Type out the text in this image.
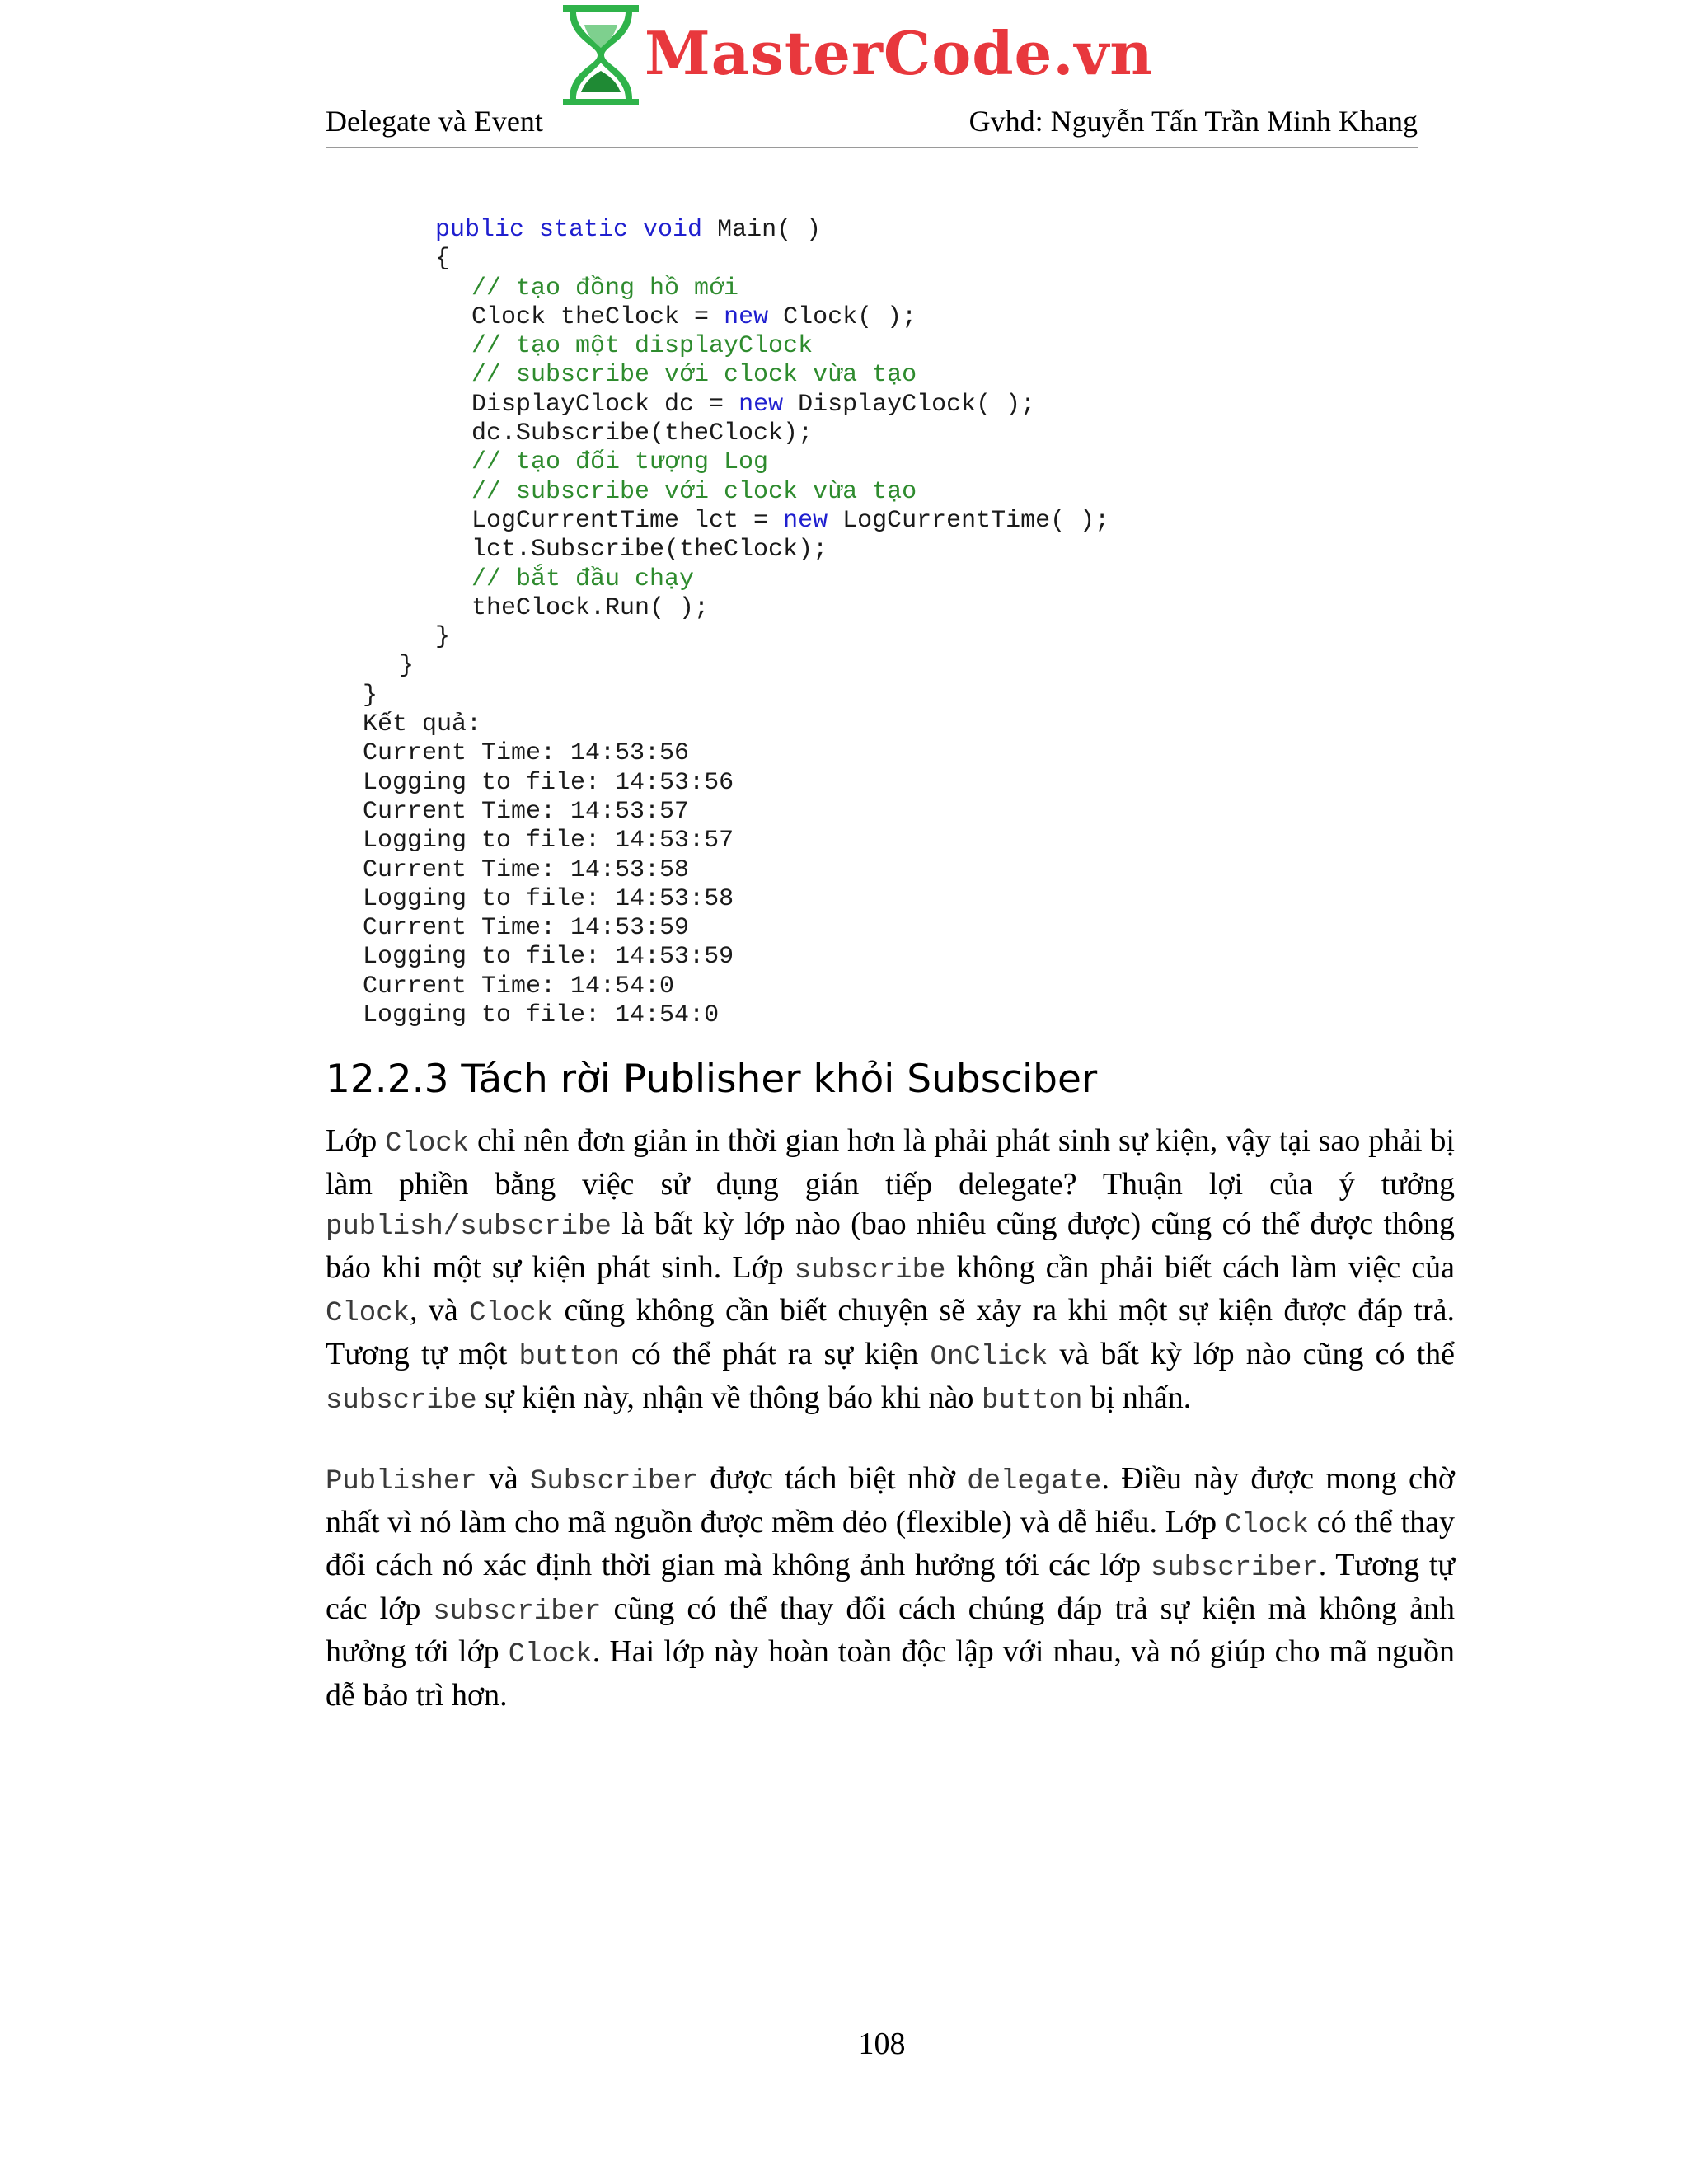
MasterCode.vn
Delegate và Event	Gvhd: Nguyễn Tấn Trần Minh Khang
public static void Main( )
{
// tạo đồng hồ mới
Clock theClock = new Clock( );
// tạo một displayClock
// subscribe với clock vừa tạo
DisplayClock dc = new DisplayClock( );
dc.Subscribe(theClock);
// tạo đối tượng Log
// subscribe với clock vừa tạo
LogCurrentTime lct = new LogCurrentTime( );
lct.Subscribe(theClock);
// bắt đầu chạy
theClock.Run( );
}
}
}
Kết quả:
Current Time: 14:53:56
Logging to file: 14:53:56
Current Time: 14:53:57
Logging to file: 14:53:57
Current Time: 14:53:58
Logging to file: 14:53:58
Current Time: 14:53:59
Logging to file: 14:53:59
Current Time: 14:54:0
Logging to file: 14:54:0
12.2.3 Tách rời Publisher khỏi Subsciber
Lớp Clock chỉ nên đơn giản in thời gian hơn là phải phát sinh sự kiện, vậy tại sao phải bị làm phiền bằng việc sử dụng gián tiếp delegate? Thuận lợi của ý tưởng publish/subscribe là bất kỳ lớp nào (bao nhiêu cũng được) cũng có thể được thông báo khi một sự kiện phát sinh. Lớp subscribe không cần phải biết cách làm việc của Clock, và Clock cũng không cần biết chuyện sẽ xảy ra khi một sự kiện được đáp trả. Tương tự một button có thể phát ra sự kiện OnClick và bất kỳ lớp nào cũng có thể subscribe sự kiện này, nhận về thông báo khi nào button bị nhấn.
Publisher và Subscriber được tách biệt nhờ delegate. Điều này được mong chờ nhất vì nó làm cho mã nguồn được mềm dẻo (flexible) và dễ hiểu. Lớp Clock có thể thay đổi cách nó xác định thời gian mà không ảnh hưởng tới các lớp subscriber. Tương tự các lớp subscriber cũng có thể thay đổi cách chúng đáp trả sự kiện mà không ảnh hưởng tới lớp Clock. Hai lớp này hoàn toàn độc lập với nhau, và nó giúp cho mã nguồn dễ bảo trì hơn.
108
